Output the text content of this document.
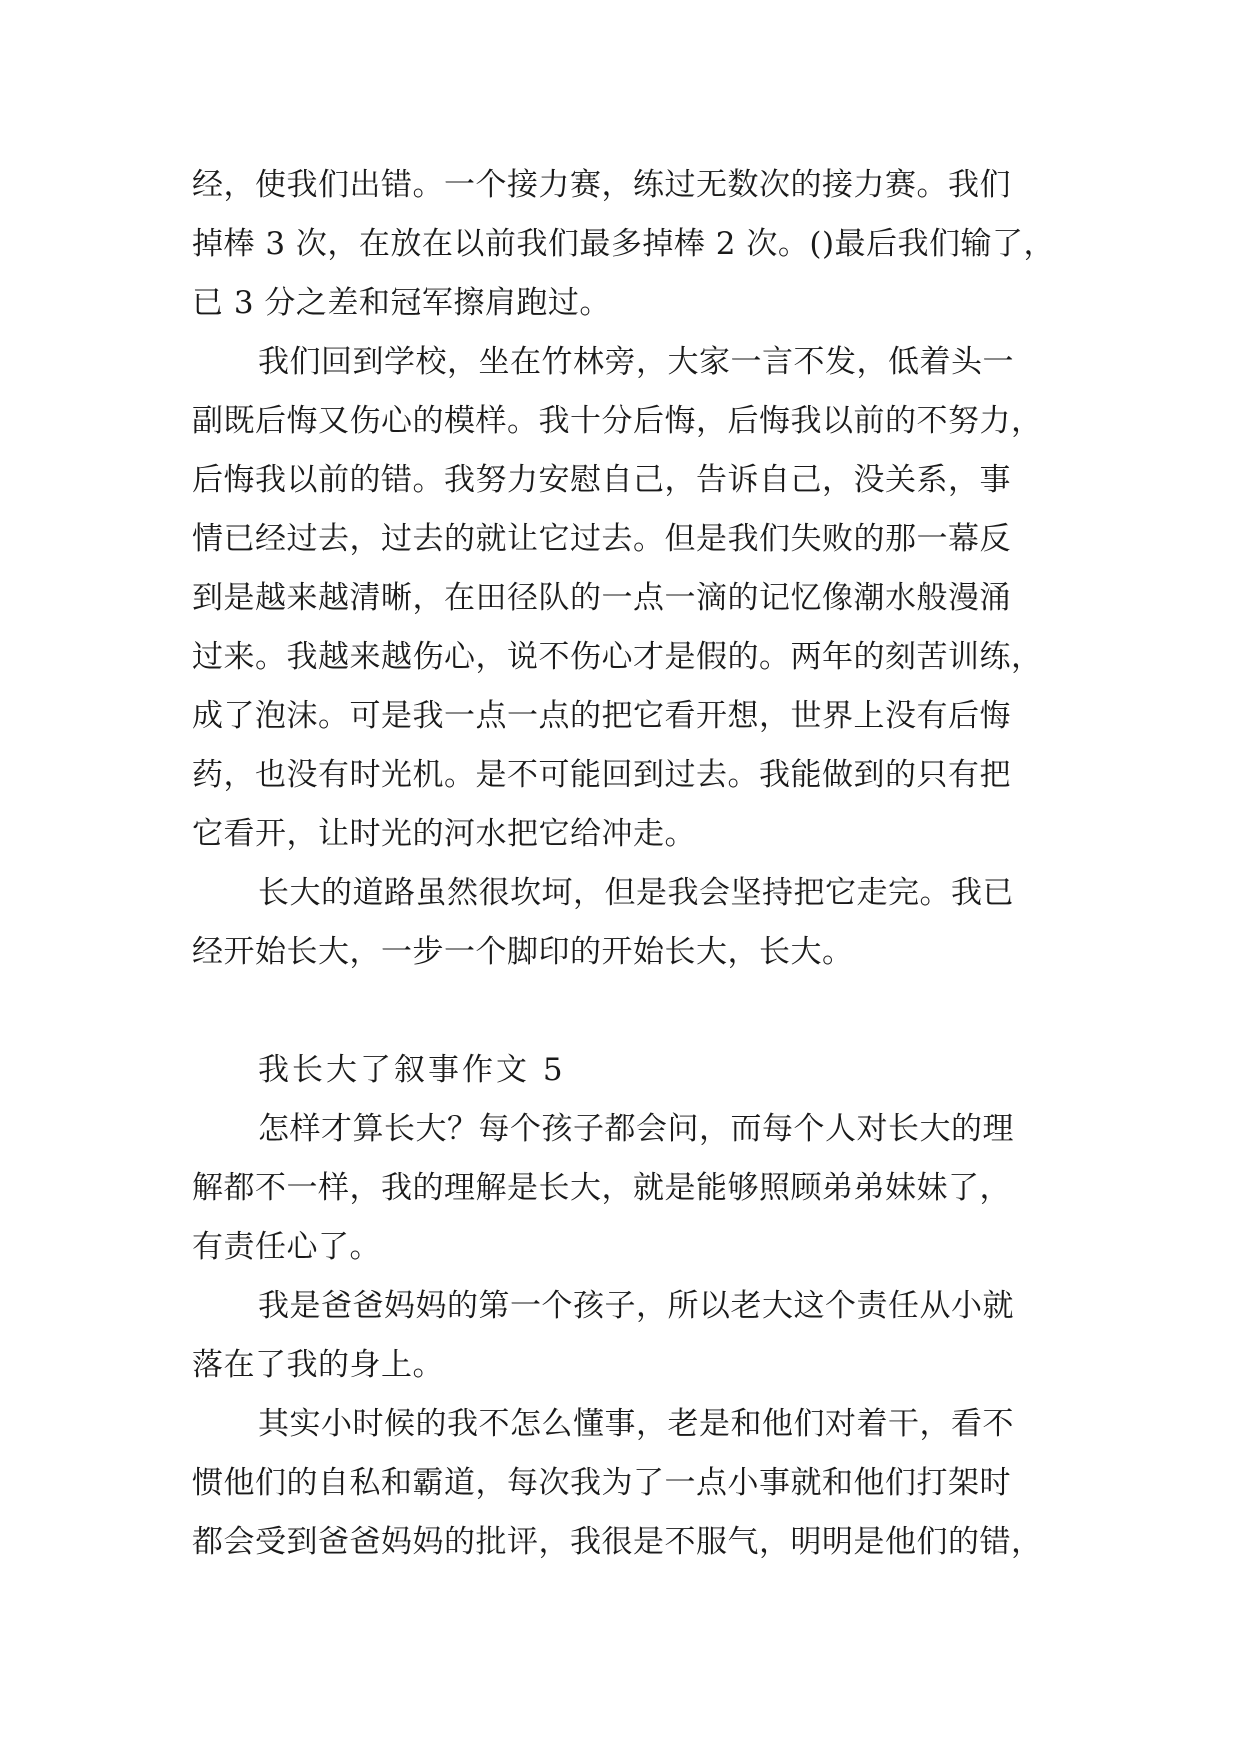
经，使我们出错。一个接力赛，练过无数次的接力赛。我们
掉棒 3 次，在放在以前我们最多掉棒 2 次。()最后我们输了，
已 3 分之差和冠军擦肩跑过。
我们回到学校，坐在竹林旁，大家一言不发，低着头一
副既后悔又伤心的模样。我十分后悔，后悔我以前的不努力，
后悔我以前的错。我努力安慰自己，告诉自己，没关系，事
情已经过去，过去的就让它过去。但是我们失败的那一幕反
到是越来越清晰，在田径队的一点一滴的记忆像潮水般漫涌
过来。我越来越伤心，说不伤心才是假的。两年的刻苦训练，
成了泡沫。可是我一点一点的把它看开想，世界上没有后悔
药，也没有时光机。是不可能回到过去。我能做到的只有把
它看开，让时光的河水把它给冲走。
长大的道路虽然很坎坷，但是我会坚持把它走完。我已
经开始长大，一步一个脚印的开始长大，长大。
我长大了叙事作文 5
怎样才算长大？每个孩子都会问，而每个人对长大的理
解都不一样，我的理解是长大，就是能够照顾弟弟妹妹了，
有责任心了。
我是爸爸妈妈的第一个孩子，所以老大这个责任从小就
落在了我的身上。
其实小时候的我不怎么懂事，老是和他们对着干，看不
惯他们的自私和霸道，每次我为了一点小事就和他们打架时
都会受到爸爸妈妈的批评，我很是不服气，明明是他们的错，
